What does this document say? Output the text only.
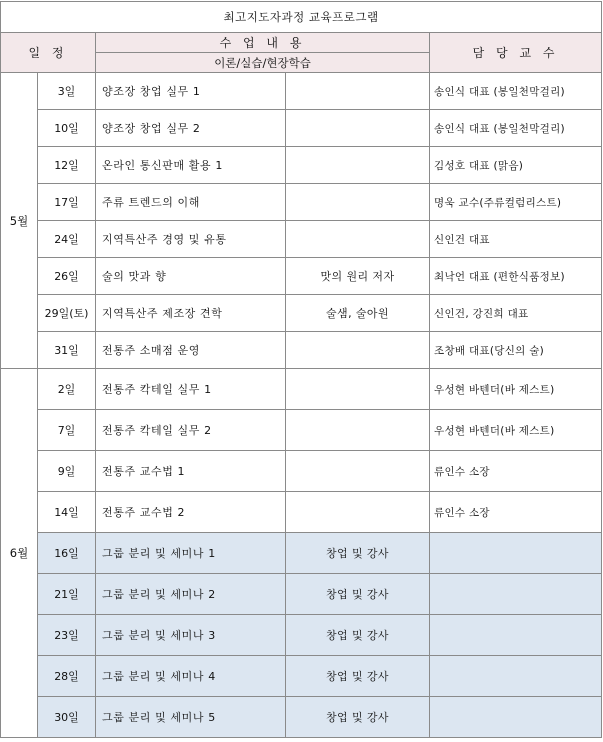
최고지도자과정 교육프로그램				
일 정		수 업 내 용		담 당 교 수
		이론/실습/현장학습		
5월	3일	양조장 창업 실무 1		송인식 대표 (봉일천막걸리)
	10일	양조장 창업 실무 2		송인식 대표 (봉일천막걸리)
	12일	온라인 통신판매 활용 1		김성호 대표 (맑음)
	17일	주류 트렌드의 이해		명욱 교수(주류컬럼리스트)
	24일	지역특산주 경영 및 유통		신인건 대표
	26일	술의 맛과 향	맛의 원리 저자	최낙언 대표 (편한식품정보)
	29일(토)	지역특산주 제조장 견학	술샘, 술아원	신인건, 강진희 대표
	31일	전통주 소매점 운영		조창배 대표(당신의 술)
6월	2일	전통주 칵테일 실무 1		우성현 바텐더(바 제스트)
	7일	전통주 칵테일 실무 2		우성현 바텐더(바 제스트)
	9일	전통주 교수법 1		류인수 소장
	14일	전통주 교수법 2		류인수 소장
	16일	그룹 분리 및 세미나 1	창업 및 강사	
	21일	그룹 분리 및 세미나 2	창업 및 강사	
	23일	그룹 분리 및 세미나 3	창업 및 강사	
	28일	그룹 분리 및 세미나 4	창업 및 강사	
	30일	그룹 분리 및 세미나 5	창업 및 강사	
